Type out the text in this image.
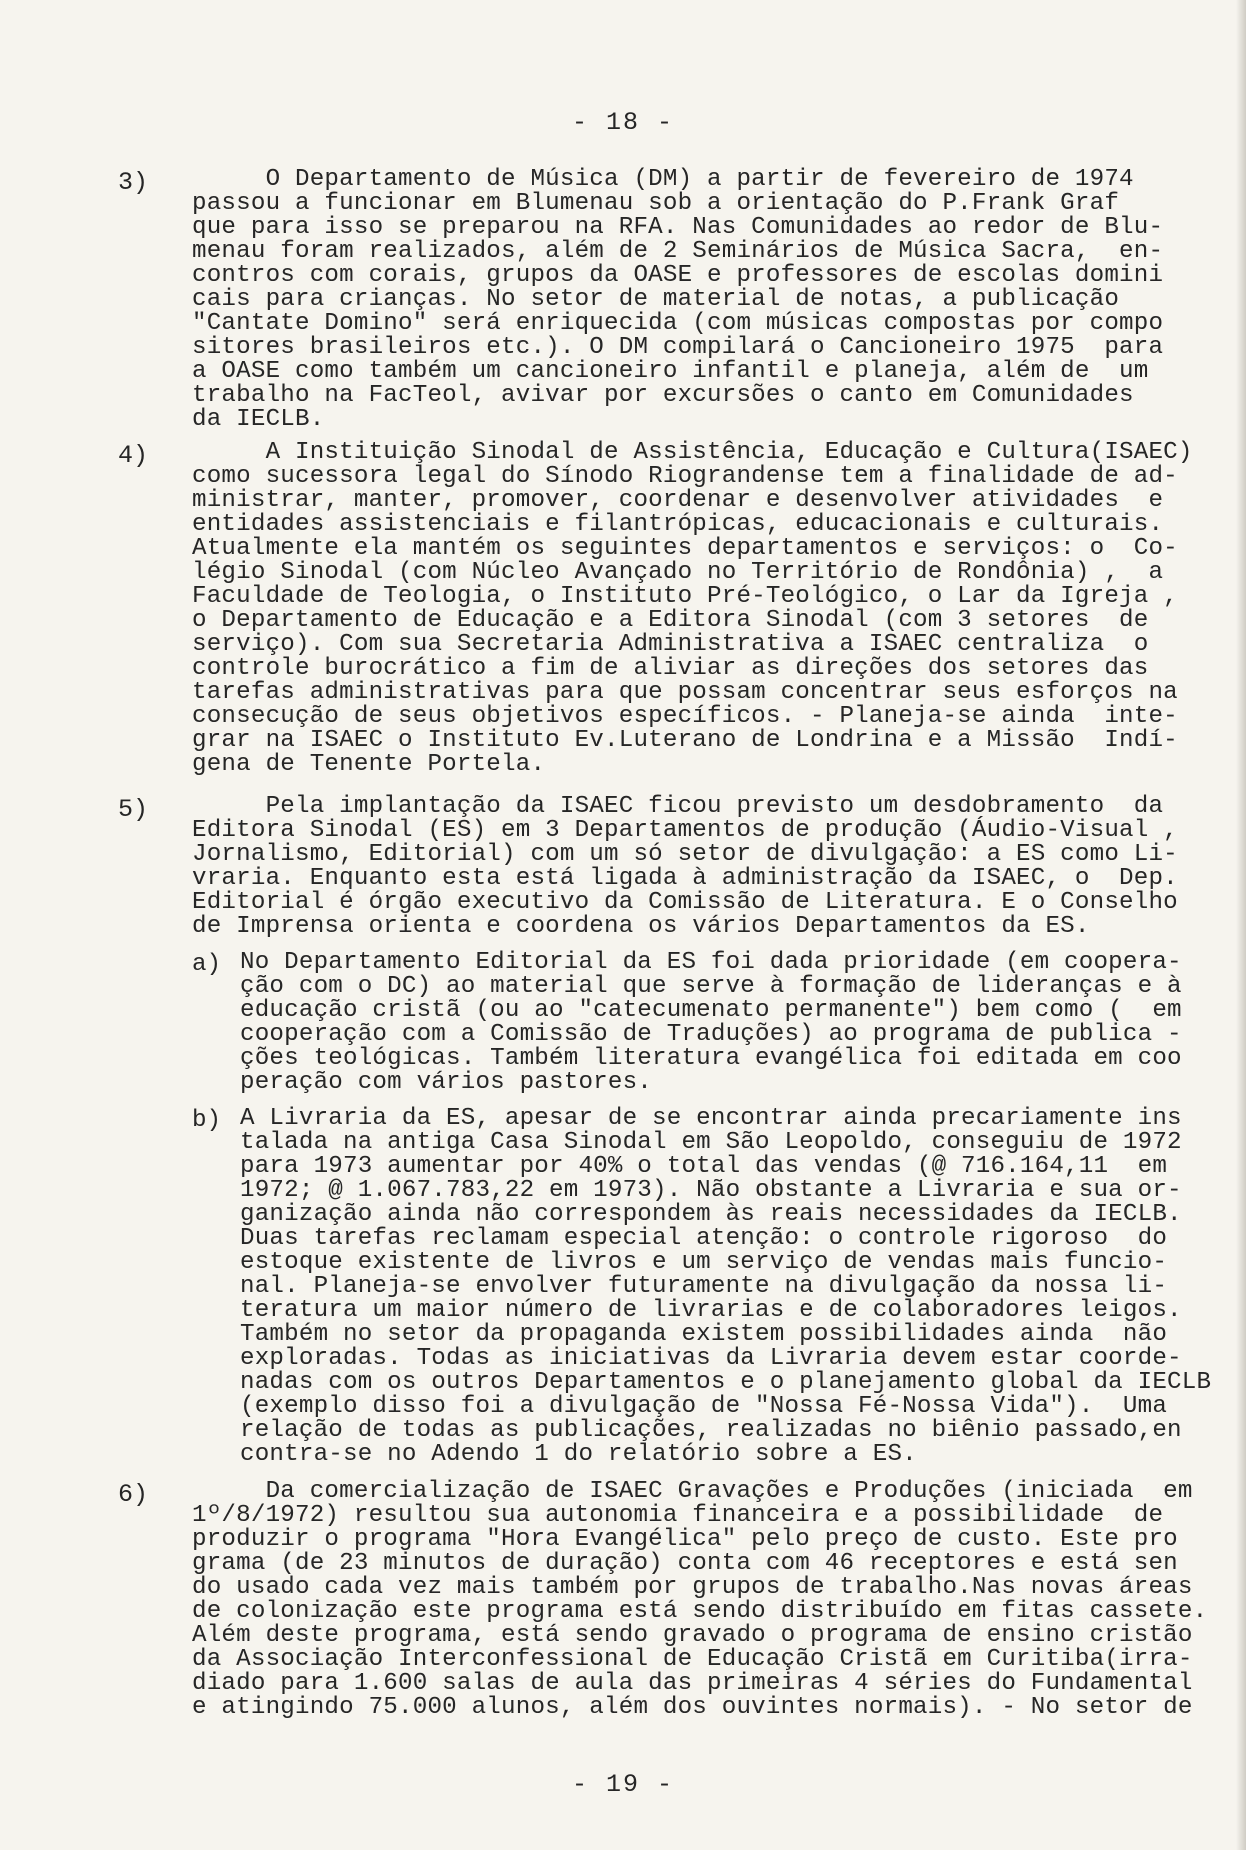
- 18 -
3) O Departamento de Música (DM) a partir de fevereiro de 1974
passou a funcionar em Blumenau sob a orientação do P.Frank Graf
que para isso se preparou na RFA. Nas Comunidades ao redor de Blu-
menau foram realizados, além de 2 Seminários de Música Sacra,  en-
contros com corais, grupos da OASE e professores de escolas domini
cais para crianças. No setor de material de notas, a publicação
"Cantate Domino" será enriquecida (com músicas compostas por compo
sitores brasileiros etc.). O DM compilará o Cancioneiro 1975  para
a OASE como também um cancioneiro infantil e planeja, além de  um
trabalho na FacTeol, avivar por excursões o canto em Comunidades
da IECLB.
4) A Instituição Sinodal de Assistência, Educação e Cultura(ISAEC)
como sucessora legal do Sínodo Riograndense tem a finalidade de ad-
ministrar, manter, promover, coordenar e desenvolver atividades  e
entidades assistenciais e filantrópicas, educacionais e culturais.
Atualmente ela mantém os seguintes departamentos e serviços: o  Co-
légio Sinodal (com Núcleo Avançado no Território de Rondônia) ,  a
Faculdade de Teologia, o Instituto Pré-Teológico, o Lar da Igreja ,
o Departamento de Educação e a Editora Sinodal (com 3 setores  de
serviço). Com sua Secretaria Administrativa a ISAEC centraliza  o
controle burocrático a fim de aliviar as direções dos setores das
tarefas administrativas para que possam concentrar seus esforços na
consecução de seus objetivos específicos. - Planeja-se ainda  inte-
grar na ISAEC o Instituto Ev.Luterano de Londrina e a Missão  Indí-
gena de Tenente Portela.
5) Pela implantação da ISAEC ficou previsto um desdobramento  da
Editora Sinodal (ES) em 3 Departamentos de produção (Áudio-Visual ,
Jornalismo, Editorial) com um só setor de divulgação: a ES como Li-
vraria. Enquanto esta está ligada à administração da ISAEC, o  Dep.
Editorial é órgão executivo da Comissão de Literatura. E o Conselho
de Imprensa orienta e coordena os vários Departamentos da ES.
a) No Departamento Editorial da ES foi dada prioridade (em coopera-
ção com o DC) ao material que serve à formação de lideranças e à
educação cristã (ou ao "catecumenato permanente") bem como (  em
cooperação com a Comissão de Traduções) ao programa de publica -
ções teológicas. Também literatura evangélica foi editada em coo
peração com vários pastores.
b) A Livraria da ES, apesar de se encontrar ainda precariamente ins
talada na antiga Casa Sinodal em São Leopoldo, conseguiu de 1972
para 1973 aumentar por 40% o total das vendas (@ 716.164,11  em
1972; @ 1.067.783,22 em 1973). Não obstante a Livraria e sua or-
ganização ainda não correspondem às reais necessidades da IECLB.
Duas tarefas reclamam especial atenção: o controle rigoroso  do
estoque existente de livros e um serviço de vendas mais funcio-
nal. Planeja-se envolver futuramente na divulgação da nossa li-
teratura um maior número de livrarias e de colaboradores leigos.
Também no setor da propaganda existem possibilidades ainda  não
exploradas. Todas as iniciativas da Livraria devem estar coorde-
nadas com os outros Departamentos e o planejamento global da IECLB
(exemplo disso foi a divulgação de "Nossa Fé-Nossa Vida").  Uma
relação de todas as publicações, realizadas no biênio passado,en
contra-se no Adendo 1 do relatório sobre a ES.
6) Da comercialização de ISAEC Gravações e Produções (iniciada  em
1º/8/1972) resultou sua autonomia financeira e a possibilidade  de
produzir o programa "Hora Evangélica" pelo preço de custo. Este pro
grama (de 23 minutos de duração) conta com 46 receptores e está sen
do usado cada vez mais também por grupos de trabalho.Nas novas áreas
de colonização este programa está sendo distribuído em fitas cassete.
Além deste programa, está sendo gravado o programa de ensino cristão
da Associação Interconfessional de Educação Cristã em Curitiba(irra-
diado para 1.600 salas de aula das primeiras 4 séries do Fundamental
e atingindo 75.000 alunos, além dos ouvintes normais). - No setor de
- 19 -
